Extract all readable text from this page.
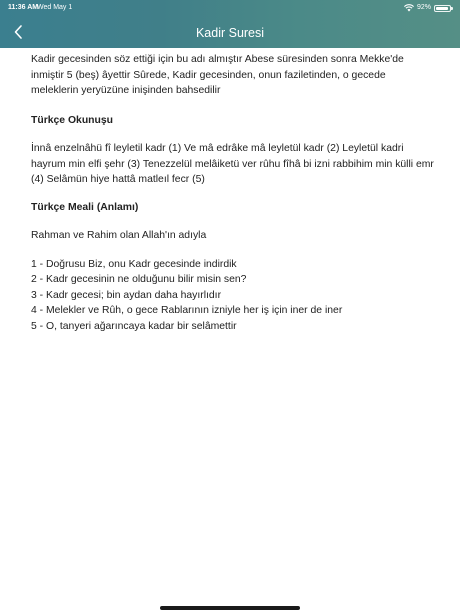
11:36 AM
Wed May 1	92%
Kadir Suresi

Kadir gecesinden söz ettiği için bu adı almıştır Abese süresinden sonra Mekke'de inmiştir 5 (beş) âyettir Sûrede, Kadir gecesinden, onun faziletinden, o gecede meleklerin yeryüzüne inişinden bahsedilir

Türkçe Okunuşu

İnnâ enzelnâhü fî leyletil kadr (1) Ve mâ edrâke mâ leyletül kadr (2) Leyletül kadri hayrum min elfi şehr (3) Tenezzelül melâiketü ver rûhu fîhâ bi izni rabbihim min külli emr (4) Selâmün hiye hattâ matleıl fecr (5)

Türkçe Meali (Anlamı)

Rahman ve Rahim olan Allah'ın adıyla

1 - Doğrusu Biz, onu Kadr gecesinde indirdik
2 - Kadr gecesinin ne olduğunu bilir misin sen?
3 - Kadr gecesi; bin aydan daha hayırlıdır
4 - Melekler ve Rûh, o gece Rablarının izniyle her iş için iner de iner
5 - O, tanyeri ağarıncaya kadar bir selâmettir
